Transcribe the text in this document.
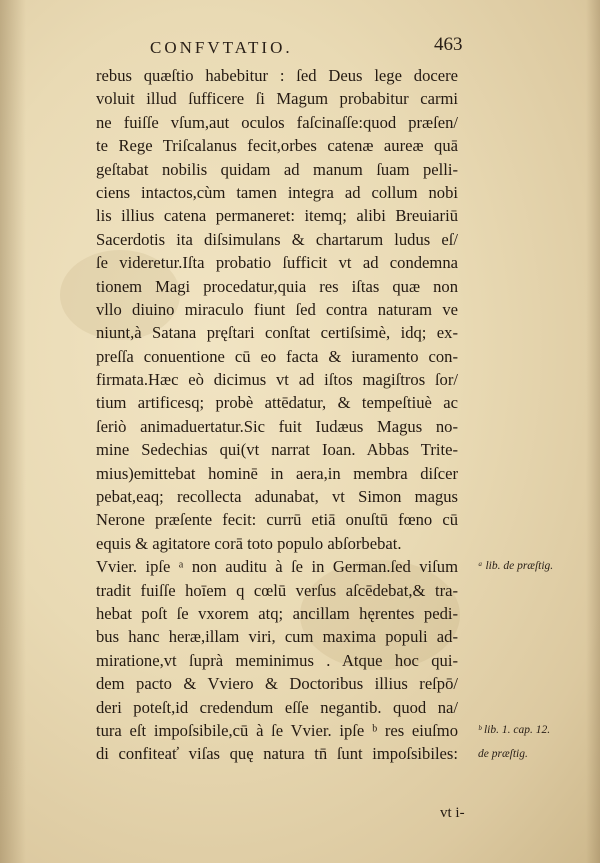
CONFVTATIO.	463
rebus quæſtio habebitur : ſed Deus lege docere
voluit illud ſufficere ſi Magum probabitur carmi
ne fuiſſe vſum,aut oculos faſcinaſſe:quod præſen/
te Rege Triſcalanus fecit,orbes catenæ aureæ quā
geſtabat nobilis quidam ad manum ſuam pelli-
ciens intactos,cùm tamen integra ad collum nobi
lis illius catena permaneret: itemq; alibi Breuiariū
Sacerdotis ita diſsimulans & chartarum ludus eſ/
ſe videretur.Iſta probatio ſufficit vt ad condemna
tionem Magi procedatur,quia res iſtas quæ non
vllo diuino miraculo fiunt ſed contra naturam ve
niunt,à Satana pręſtari conſtat certiſsimè, idq; ex-
preſſa conuentione cū eo facta & iuramento con-
firmata.Hæc eò dicimus vt ad iſtos magiſtros ſor/
tium artificesq; probè attēdatur, & tempeſtiuè ac
ſeriò animaduertatur.Sic fuit Iudæus Magus no-
mine Sedechias qui(vt narrat Ioan. Abbas Trite-
mius)emittebat hominē in aera,in membra diſcer
pebat,eaq; recollecta adunabat, vt Simon magus
Nerone præſente fecit: currū etiā onuſtū fœno cū
equis & agitatore corā toto populo abſorbebat.
Vvier. ipſe ᵃ non auditu à ſe in German.ſed viſum
tradit fuiſſe hoīem q cœlū verſus aſcēdebat,& tra-
hebat poſt ſe vxorem atq; ancillam hęrentes pedi-
bus hanc heræ,illam viri, cum maxima populi ad-
miratione,vt ſuprà meminimus . Atque hoc qui-
dem pacto & Vviero & Doctoribus illius reſpō/
deri poteſt,id credendum eſſe negantib. quod na/
tura eſt impoſsibile,cū à ſe Vvier. ipſe ᵇ res eiuſmo
di confiteať viſas quę natura tn̄ ſunt impoſsibiles:
ᵃ lib. de præſtig.
ᵇ lib. 1. cap. 12.
de præſtig.
vt i-
